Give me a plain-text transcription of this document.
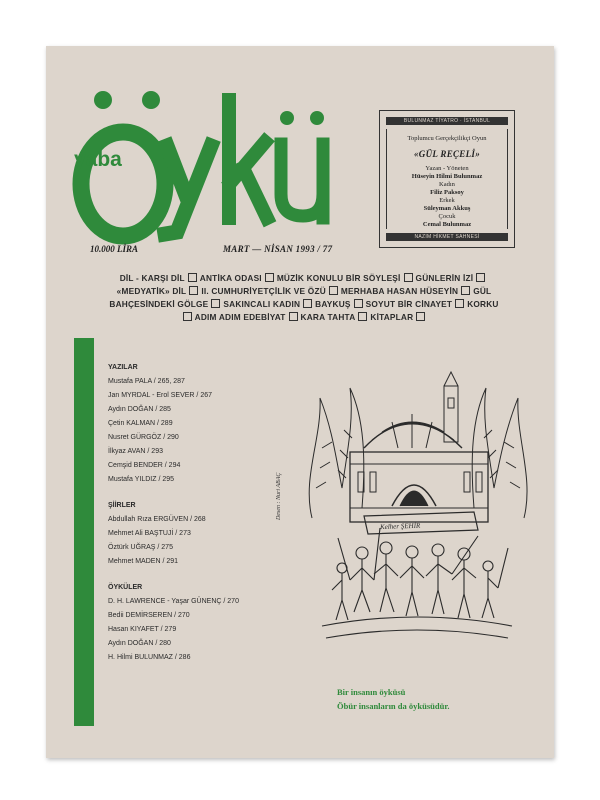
yaba
10.000 LİRA	MART — NİSAN 1993 / 77
BULUNMAZ TİYATRO · İSTANBUL
Toplumcu Gerçekçilikçi Oyun
«GÜL REÇELİ»
Yazan - Yöneten
Hüseyin Hilmi Bulunmaz
Kadın
Filiz Paksoy
Erkek
Süleyman Akkuş
Çocuk
Cemal Bulunmaz
NAZIM HİKMET SAHNESİ
DİL - KARŞI DİL ANTİKA ODASI MÜZİK KONULU BİR SÖYLEŞİ GÜNLERİN İZİ
«MEDYATİK» DİL II. CUMHURİYETÇİLİK VE ÖZÜ MERHABA HASAN HÜSEYİN GÜL
BAHÇESİNDEKİ GÖLGE SAKINCALI KADIN BAYKUŞ SOYUT BİR CİNAYET KORKU
ADIM ADIM EDEBİYAT KARA TAHTA KİTAPLAR
YAZILAR
Mustafa PALA / 265, 287
Jan MYRDAL - Erol SEVER / 267
Aydın DOĞAN / 285
Çetin KALMAN / 289
Nusret GÜRGÖZ / 290
İlkyaz AVAN / 293
Cemşid BENDER / 294
Mustafa YILDIZ / 295
ŞİİRLER
Abdullah Rıza ERGÜVEN / 268
Mehmet Ali BAŞTUJİ / 273
Öztürk UĞRAŞ / 275
Mehmet MADEN / 291
ÖYKÜLER
D. H. LAWRENCE - Yaşar GÜNENÇ / 270
Bedii DEMİRSEREN / 270
Hasan KIYAFET / 279
Aydın DOĞAN / 280
H. Hilmi BULUNMAZ / 286
Kelher ŞEHİR
Desen : Nuri ABAÇ
Bir insanın öyküsü
Öbür insanların da öyküsüdür.
